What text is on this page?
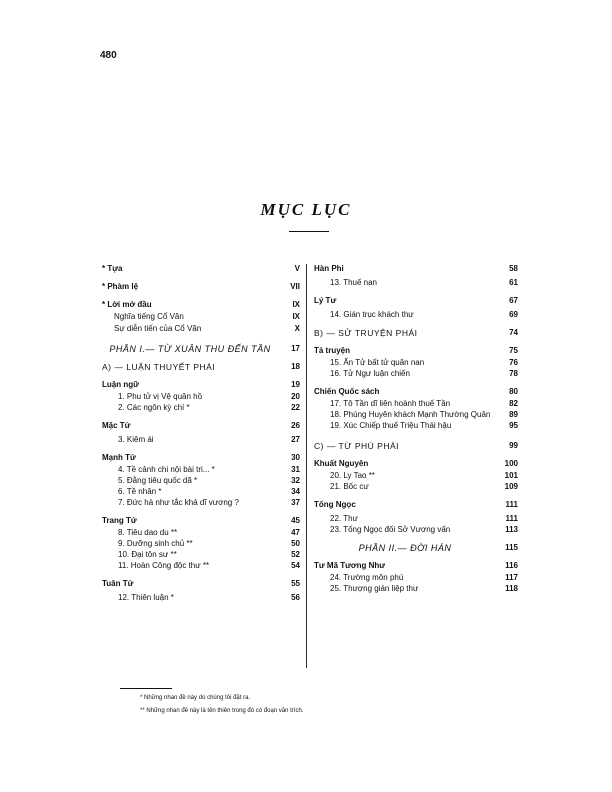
480
MỤC LỤC
* Tựa	V
* Phàm lệ	VII
* Lời mở đầu	IX
Nghĩa tiếng Cổ Văn	IX
Sự diễn tiến của Cổ Văn	X
PHẦN I.— TỪ XUÂN THU ĐẾN TẦN	17
A) — LUẬN THUYẾT PHÁI	18
Luận ngữ	19
1. Phu tử vị Vệ quân hồ	20
2. Các ngôn kỳ chí *	22
Mặc Tử	26
3. Kiêm ái	27
Mạnh Tử	30
4. Tề cảnh chi nội bài tri... *	31
5. Đằng tiêu quốc dã *	32
6. Tề nhân *	34
7. Đức hà như tắc khả dĩ vương ?	37
Trang Tử	45
8. Tiêu dao du **	47
9. Dưỡng sinh chủ **	50
10. Đại tôn sư **	52
11. Hoàn Công độc thư **	54
Tuân Tử	55
12. Thiên luận *	56
Hàn Phi	58
13. Thuế nan	61
Lý Tư	67
14. Gián trục khách thư	69
B) — SỬ TRUYỆN PHÁI	74
Tả truyện	75
15. Ấn Tử bất tử quân nan	76
16. Tử Ngư luận chiến	78
Chiến Quốc sách	80
17. Tô Tần dĩ liên hoành thuế Tần	82
18. Phùng Huyên khách Mạnh Thường Quân	89
19. Xúc Chiếp thuế Triệu Thái hậu	95
C) — TỪ PHÚ PHÁI	99
Khuất Nguyên	100
20. Ly Tao **	101
21. Bốc cư	109
Tống Ngọc	111
22. Thư	111
23. Tống Ngọc đối Sở Vương vấn	113
PHẦN II.— ĐỜI HÁN	115
Tư Mã Tương Như	116
24. Trường môn phú	117
25. Thượng gián liệp thư	118
* Những nhan đề này do chúng tôi đặt ra.
** Những nhan đề này là tên thiên trong đó có đoạn văn trích.
